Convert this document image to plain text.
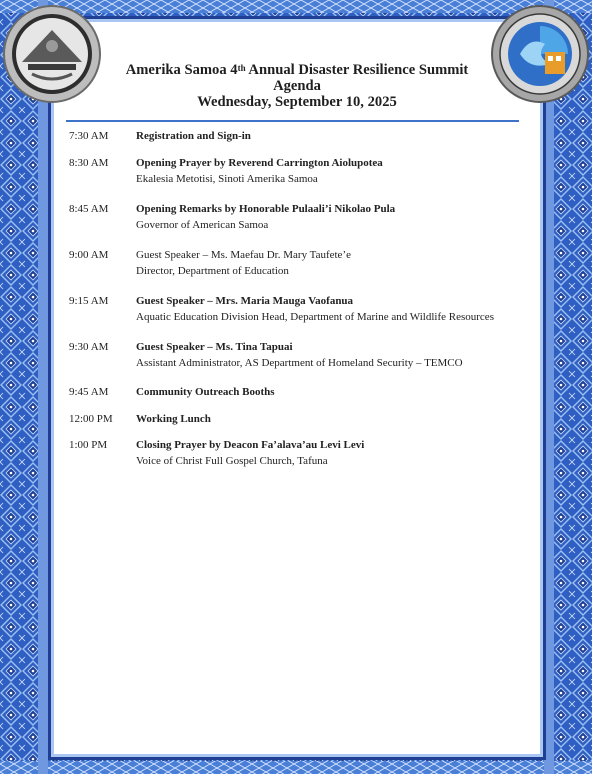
Amerika Samoa 4th Annual Disaster Resilience Summit
Agenda
Wednesday, September 10, 2025
7:30 AM	Registration and Sign-in
8:30 AM	Opening Prayer by Reverend Carrington Aiolupotea
Ekalesia Metotisi, Sinoti Amerika Samoa
8:45 AM	Opening Remarks by Honorable Pulaali’i Nikolao Pula
Governor of American Samoa
9:00 AM	Guest Speaker – Ms. Maefau Dr. Mary Taufete’e
Director, Department of Education
9:15 AM	Guest Speaker – Mrs. Maria Mauga Vaofanua
Aquatic Education Division Head, Department of Marine and Wildlife Resources
9:30 AM	Guest Speaker – Ms. Tina Tapuai
Assistant Administrator, AS Department of Homeland Security – TEMCO
9:45 AM	Community Outreach Booths
12:00 PM	Working Lunch
1:00 PM	Closing Prayer by Deacon Fa’alava’au Levi Levi
Voice of Christ Full Gospel Church, Tafuna
